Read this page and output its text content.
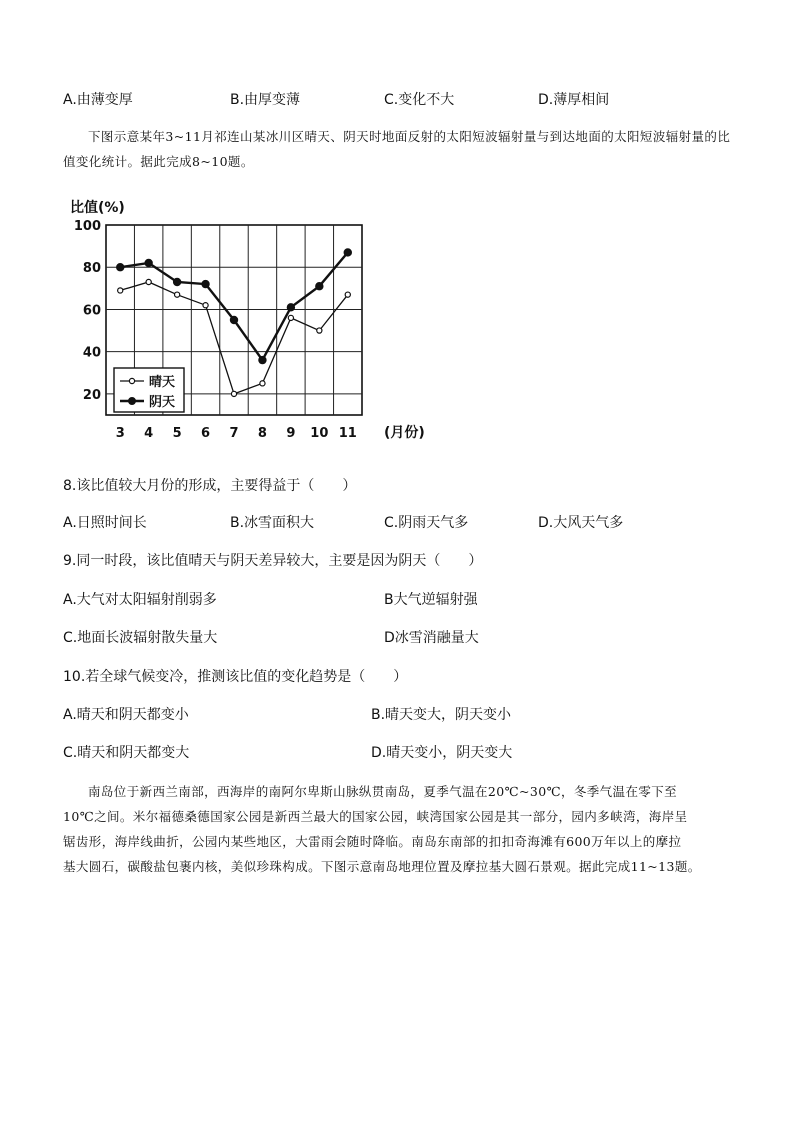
A.由薄变厚	B.由厚变薄	C.变化不大	D.薄厚相间

下图示意某年3~11月祁连山某冰川区晴天、阴天时地面反射的太阳短波辐射量与到达地面的太阳短波辐射量的比值变化统计。据此完成8~10题。

20
40
60
80
100
3 4 5 6 7 8 9 10 11
比值(%)
(月份)
晴天
阴天
8.该比值较大月份的形成，主要得益于（　　）
A.日照时间长	B.冰雪面积大	C.阴雨天气多	D.大风天气多
9.同一时段，该比值晴天与阴天差异较大，主要是因为阴天（　　）
A.大气对太阳辐射削弱多	B大气逆辐射强
C.地面长波辐射散失量大	D冰雪消融量大
10.若全球气候变冷，推测该比值的变化趋势是（　　）
A.晴天和阴天都变小	B.晴天变大，阴天变小
C.晴天和阴天都变大	D.晴天变小，阴天变大
南岛位于新西兰南部，西海岸的南阿尔卑斯山脉纵贯南岛，夏季气温在20℃~30℃，冬季气温在零下至
10℃之间。米尔福德桑德国家公园是新西兰最大的国家公园，峡湾国家公园是其一部分，园内多峡湾，海岸呈
锯齿形，海岸线曲折，公园内某些地区，大雷雨会随时降临。南岛东南部的扣扣奇海滩有600万年以上的摩拉
基大圆石，碳酸盐包裹内核，美似珍珠构成。下图示意南岛地理位置及摩拉基大圆石景观。据此完成11~13题。
